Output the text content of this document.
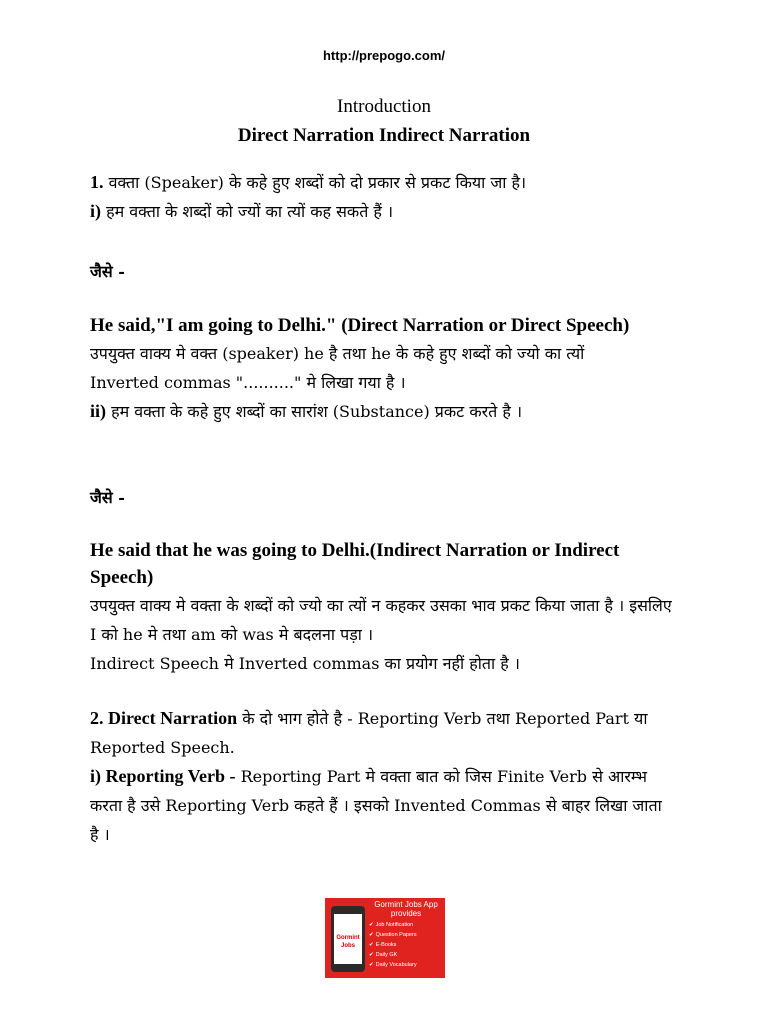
http://prepogo.com/
Introduction
Direct Narration Indirect Narration

1. वक्ता (Speaker) के कहे हुए शब्दों को दो प्रकार से प्रकट किया जा है।

i) हम वक्ता के शब्दों को ज्यों का त्यों कह सकते हैं ।

जैसे -

He said,"I am going to Delhi." (Direct Narration or Direct Speech)

उपयुक्त वाक्य मे वक्त (speaker) he है तथा he के कहे हुए शब्दों को ज्यो का त्यों

Inverted commas ".........." मे लिखा गया है ।

ii) हम वक्ता के कहे हुए शब्दों का सारांश (Substance) प्रकट करते है ।

जैसे -

He said that he was going to Delhi.(Indirect Narration or Indirect Speech)

उपयुक्त वाक्य मे वक्ता के शब्दों को ज्यो का त्यों न कहकर उसका भाव प्रकट किया जाता है । इसलिए I को he मे तथा am को was मे बदलना पड़ा ।

Indirect Speech मे Inverted commas का प्रयोग नहीं होता है ।

2. Direct Narration के दो भाग होते है - Reporting Verb तथा Reported Part या Reported Speech.

i) Reporting Verb - Reporting Part मे वक्ता बात को जिस Finite Verb से आरम्भ करता है उसे Reporting Verb कहते हैं । इसको Invented Commas से बाहर लिखा जाता है ।

Gormint Jobs
Gormint Jobs App provides
✔ Job Notification
✔ Question Papers
✔ E-Books
✔ Daily GK
✔ Daily Vocabulary
